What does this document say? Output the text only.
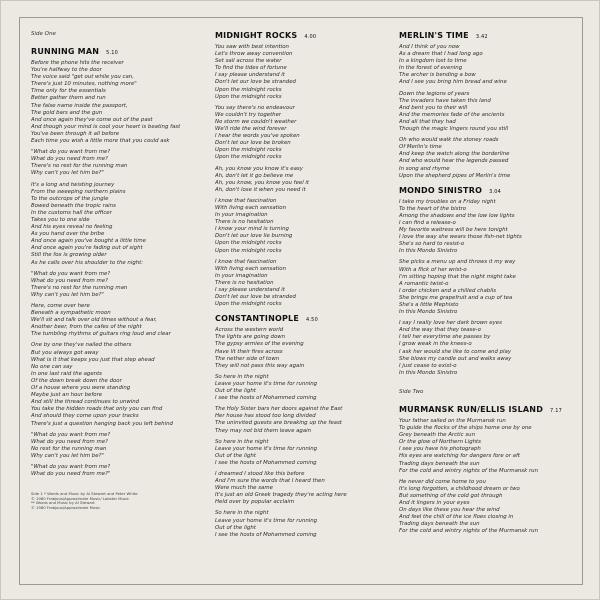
Side One
RUNNING MAN 5.10
Before the phone hits the receiver
You're halfway to the door
The voice said "get out while you can,
There's just 10 minutes, nothing more"
Time only for the essentials
Better gather them and run
The false name inside the passport,
The gold bars and the gun
And once again they've come out of the past
And though your mind is cool your heart is beating fast
You've been through it all before
Each time you wish a little more that you could ask
"What do you want from me?
What do you need from me?
There's no rest for the running man
Why can't you let him be?"
It's a long and twisting journey
From the sweeping northern plains
To the outcrops of the jungle
Bowed beneath the tropic rains
In the customs hall the officer
Takes you to one side
And his eyes reveal no feeling
As you hand over the bribe
And once again you've bought a little time
And once again you're fading out of sight
Still the fox is growing older
As he calls over his shoulder to the night:
"What do you want from me?
What do you need from me?
There's no rest for the running man
Why can't you let him be?"
Here, come over here
Beneath a sympathetic moon
We'll sit and talk over old times without a fear,
Another beer, from the cafes of the night
The tumbling rhythms of guitars ring loud and clear
One by one they've nailed the others
But you always got away
What is it that keeps you just that step ahead
No one can say
In one last raid the agents
Of the down break down the door
Of a house where you were standing
Maybe just an hour before
And still the thread continues to unwind
You take the hidden roads that only you can find
And should they come upon your tracks
There's just a question hanging back you left behind
"What do you want from me?
What do you need from me?
No rest for the running man
Why can't you let him be?"
"What do you want from me?
What do you need from me?"
Side 1 * Words and Music by Al Stewart and Peter White
© 1980 Frabjous/Approximate Music/ Lobster Music
** Words and Music by Al Stewart
© 1980 Frabjous/Approximate Music
MIDNIGHT ROCKS 4.00
You saw with best intention
Let's throw away convention
Set sail across the water
To find the tides of fortune
I say please understand it
Don't let our love be stranded
Upon the midnight rocks
Upon the midnight rocks
You say there's no endeavour
We couldn't try together
No storm we couldn't weather
We'll ride the wind forever
I hear the words you've spoken
Don't let our love be broken
Upon the midnight rocks
Upon the midnight rocks
Ah, you know you know it's easy
Ah, don't let it go believe me
Ah, you know, you know you feel it
Ah, don't lose it when you need it
I know that fascination
With living each sensation
In your imagination
There is no hesitation
I know your mind is turning
Don't let our love lie burning
Upon the midnight rocks
Upon the midnight rocks
I know that fascination
With living each sensation
In your imagination
There is no hesitation
I say please understand it
Don't let our love be stranded
Upon the midnight rocks
CONSTANTINOPLE 4.50
Across the western world
The lights are going down
The gypsy armies of the evening
Have lit their fires across
The nether side of town
They will not pass this way again
So here in the night
Leave your home it's time for running
Out of the light
I see the hosts of Mohammed coming
The Holy Sister bars her doors against the East
Her house has stood too long divided
The uninvited guests are breaking up the feast
They may not bid them leave again
So here in the night
Leave your home it's time for running
Out of the light
I see the hosts of Mohammed coming
I dreamed I stood like this before
And I'm sure the words that I heard then
Were much the same
It's just an old Greek tragedy they're acting here
Held over by popular acclaim
So here in the night
Leave your home it's time for running
Out of the light
I see the hosts of Mohammed coming
MERLIN'S TIME 3.42
And I think of you now
As a dream that I had long ago
In a kingdom lost to time
In the forest of evening
The archer is bending a bow
And I see you bring him bread and wine
Down the legions of years
The invaders have taken this land
And bent you to their will
And the memories fade of the ancients
And all that they had
Though the magic lingers round you still
Oh who would walk the stoney roads
Of Merlin's time
And keep the watch along the borderline
And who would hear the legends passed
In song and rhyme
Upon the shepherd pipes of Merlin's time
MONDO SINISTRO 3.04
I take my troubles on a Friday night
To the heart of the bistro
Among the shadows and the low low lights
I can find a release-o
My favorite waitress will be here tonight
I love the way she wears those fish-net tights
She's so hard to resist-o
In this Mondo Sinistro
She picks a menu up and throws it my way
With a flick of her wrist-o
I'm sitting hoping that the night might take
A romantic twist-o
I order chicken and a chilled chablis
She brings me grapefruit and a cup of tea
She's a little Mephisto
In this Mondo Sinistro
I say I really love her dark brown eyes
And the way that they tease-o
I tell her everytime she passes by
I grow weak in the knees-o
I ask her would she like to come and play
She blows my candle out and walks away
I just cease to exist-o
In this Mondo Sinistro
Side Two
MURMANSK RUN/ELLIS ISLAND 7.17
Your father sailed on the Murmansk run
To guide the flocks of the ships home one by one
Grey beneath the Arctic sun
Or the glow of Northern Lights
I see you have his photograph
His eyes are watching for dangers fore or aft
Trading days beneath the sun
For the cold and wintry nights of the Murmansk run
He never did come home to you
It's long forgotten, a childhood dream or two
But something of the cold got through
And it lingers in your eyes
On days like these you hear the wind
And feel the chill of the ice floes closing in
Trading days beneath the sun
For the cold and wintry nights of the Murmansk run
